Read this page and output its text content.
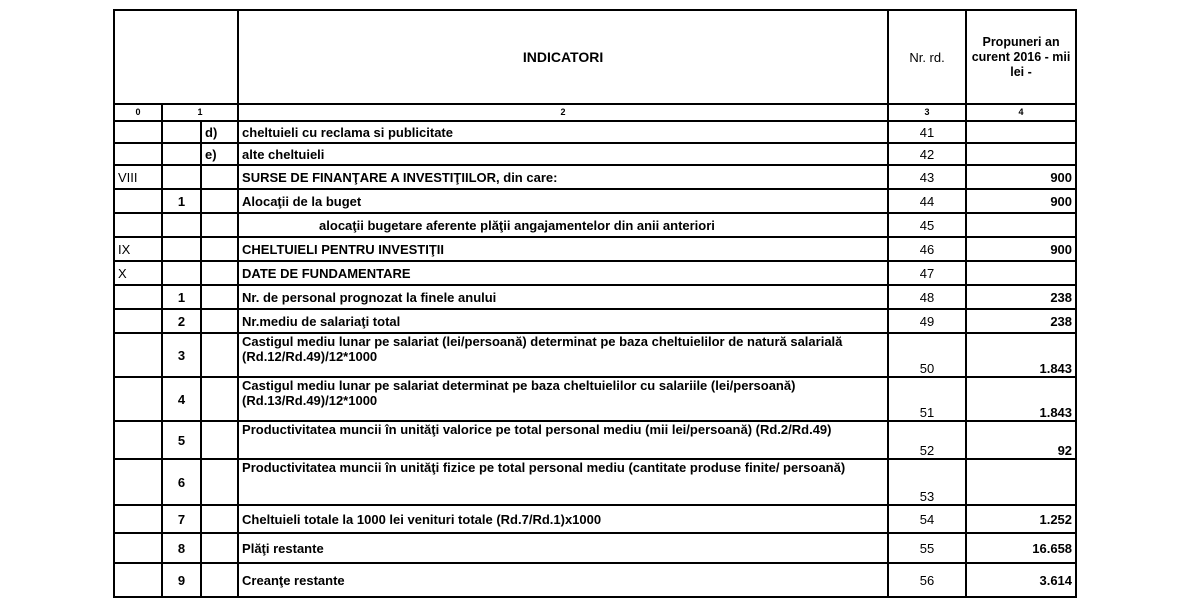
			INDICATORI	Nr. rd.	Propuneri an curent 2016 - mii lei -
0	1		2	3	4
		d)	cheltuieli cu reclama si publicitate	41	
		e)	alte cheltuieli	42	
VIII			SURSE DE FINANŢARE A INVESTIŢIILOR, din care:	43	900
	1		Alocaţii de la buget	44	900
			alocaţii bugetare aferente plăţii angajamentelor din anii anteriori	45	
IX			CHELTUIELI PENTRU INVESTIŢII	46	900
X			DATE DE FUNDAMENTARE	47	
	1		Nr. de personal prognozat la finele anului	48	238
	2		Nr.mediu de salariaţi total	49	238
	3		Castigul mediu lunar pe salariat (lei/persoană) determinat pe baza cheltuielilor de natură salarială (Rd.12/Rd.49)/12*1000	50	1.843
	4		Castigul mediu lunar pe salariat determinat pe baza cheltuielilor cu salariile (lei/persoană) (Rd.13/Rd.49)/12*1000	51	1.843
	5		Productivitatea muncii în unităţi valorice pe total personal mediu (mii lei/persoană) (Rd.2/Rd.49)	52	92
	6		Productivitatea muncii în unităţi fizice pe total personal mediu (cantitate produse finite/ persoană)	53	
	7		Cheltuieli totale la 1000 lei venituri totale (Rd.7/Rd.1)x1000	54	1.252
	8		Plăţi restante	55	16.658
	9		Creanţe restante	56	3.614
